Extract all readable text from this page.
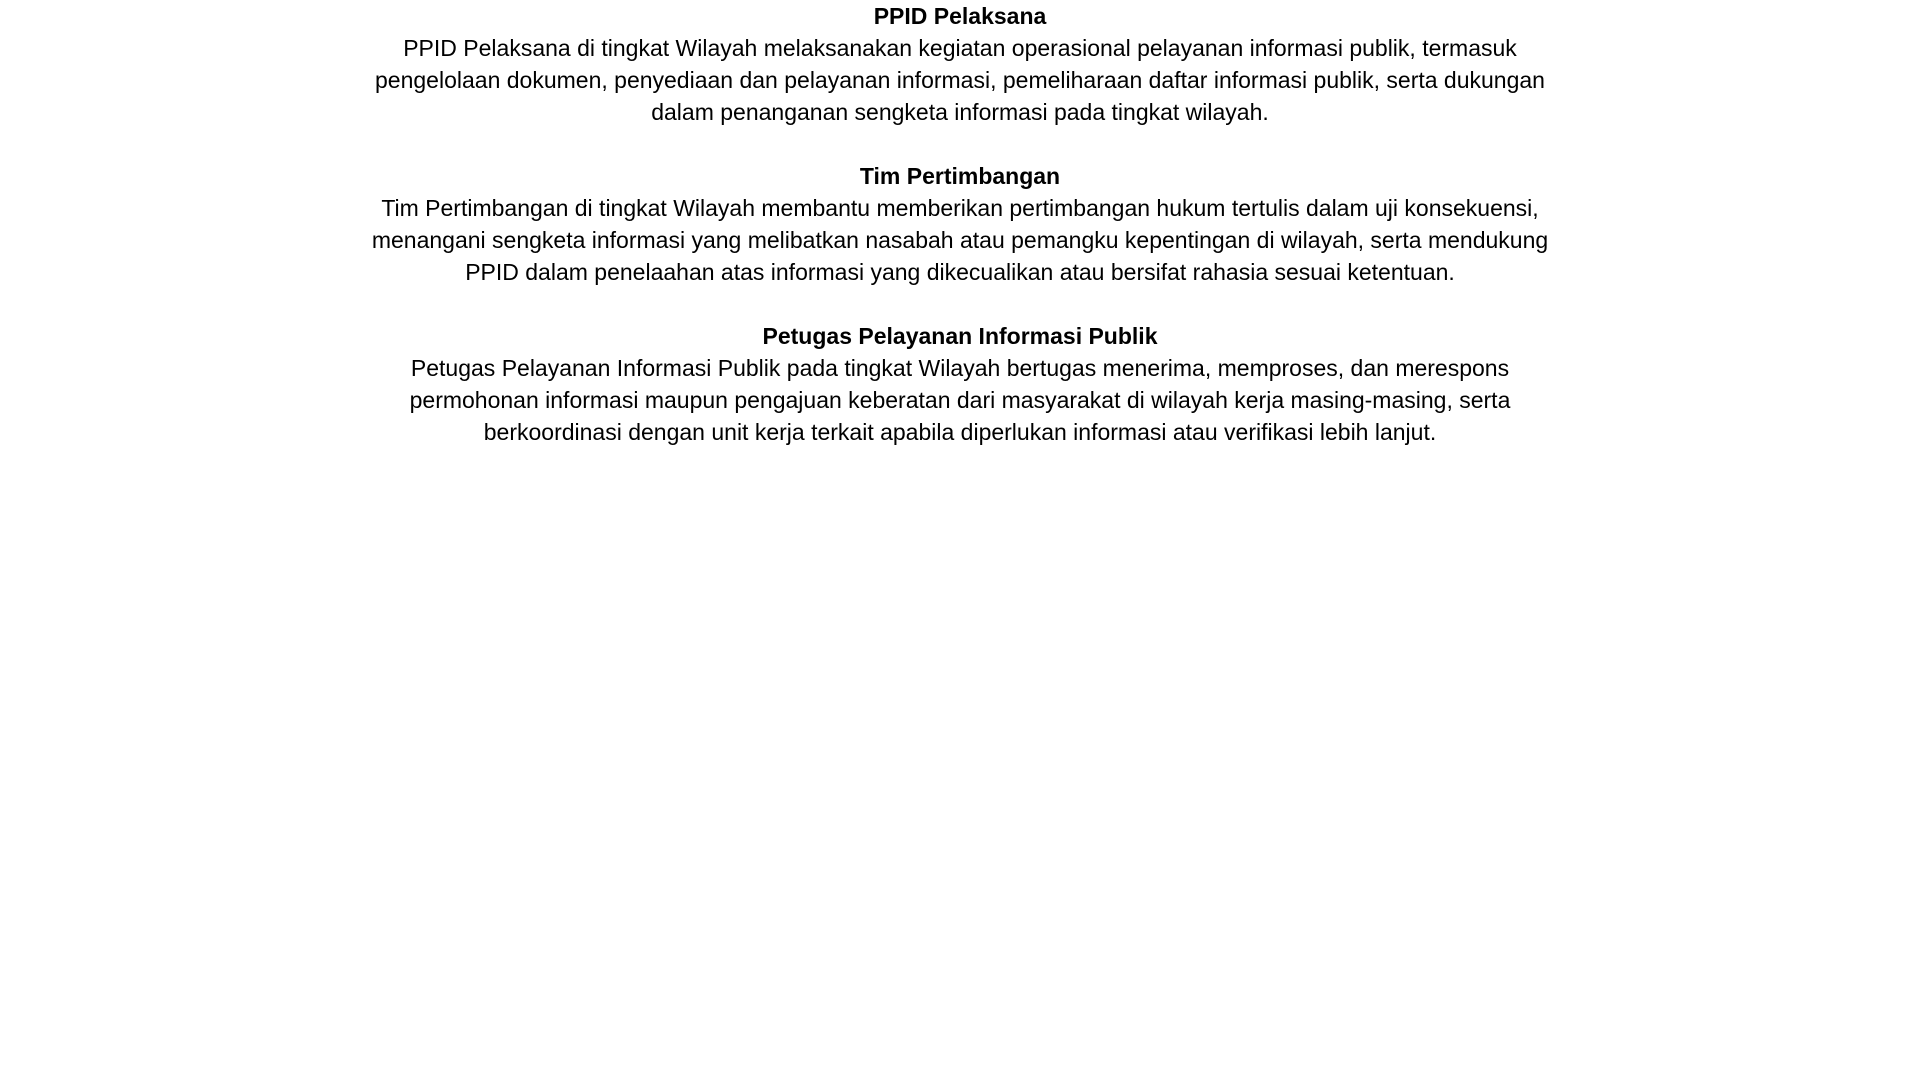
PPID Pelaksana

PPID Pelaksana di tingkat Wilayah melaksanakan kegiatan operasional pelayanan informasi publik, termasuk pengelolaan dokumen, penyediaan dan pelayanan informasi, pemeliharaan daftar informasi publik, serta dukungan dalam penanganan sengketa informasi pada tingkat wilayah.

Tim Pertimbangan

Tim Pertimbangan di tingkat Wilayah membantu memberikan pertimbangan hukum tertulis dalam uji konsekuensi, menangani sengketa informasi yang melibatkan nasabah atau pemangku kepentingan di wilayah, serta mendukung PPID dalam penelaahan atas informasi yang dikecualikan atau bersifat rahasia sesuai ketentuan.

Petugas Pelayanan Informasi Publik

Petugas Pelayanan Informasi Publik pada tingkat Wilayah bertugas menerima, memproses, dan merespons permohonan informasi maupun pengajuan keberatan dari masyarakat di wilayah kerja masing-masing, serta berkoordinasi dengan unit kerja terkait apabila diperlukan informasi atau verifikasi lebih lanjut.
